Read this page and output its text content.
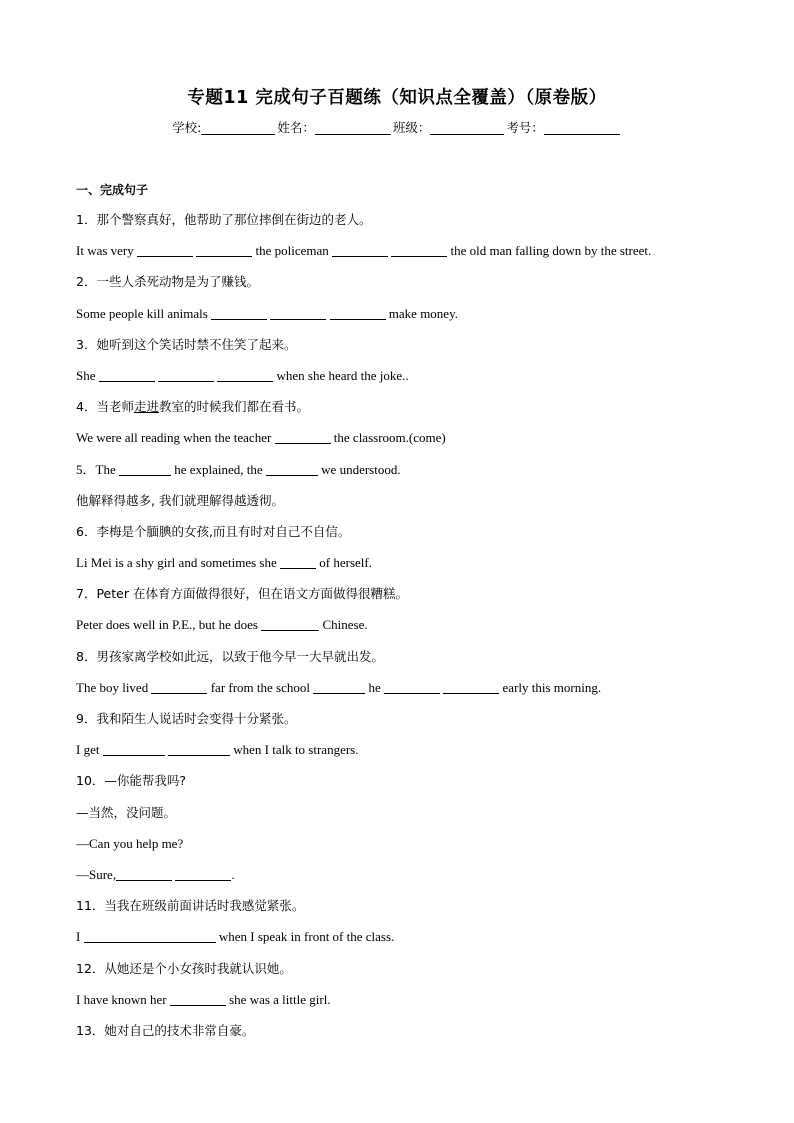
专题11 完成句子百题练（知识点全覆盖）（原卷版）
学校:	姓名：	班级：	考号：
一、完成句子
1．那个警察真好，他帮助了那位摔倒在街边的老人。
It was very	the policeman	the old man falling down by the street.
2．一些人杀死动物是为了赚钱。
Some people kill animals	make money.
3．她听到这个笑话时禁不住笑了起来。
She	when she heard the joke..
4．当老师走进教室的时候我们都在看书。
We were all reading when the teacher	the classroom.(come)
5．The	he explained, the	we understood.
他解释得越多, 我们就理解得越透彻。
6．李梅是个腼腆的女孩,而且有时对自己不自信。
Li Mei is a shy girl and sometimes she	of herself.
7．Peter 在体育方面做得很好，但在语文方面做得很糟糕。
Peter does well in P.E., but he does	Chinese.
8．男孩家离学校如此远，以致于他今早一大早就出发。
The boy lived	far from the school	he	early this morning.
9．我和陌生人说话时会变得十分紧张。
I get	when I talk to strangers.
10．—你能帮我吗?
—当然，没问题。
—Can you help me?
—Sure,	.
11．当我在班级前面讲话时我感觉紧张。
I	when I speak in front of the class.
12．从她还是个小女孩时我就认识她。
I have known her	she was a little girl.
13．她对自己的技术非常自豪。
